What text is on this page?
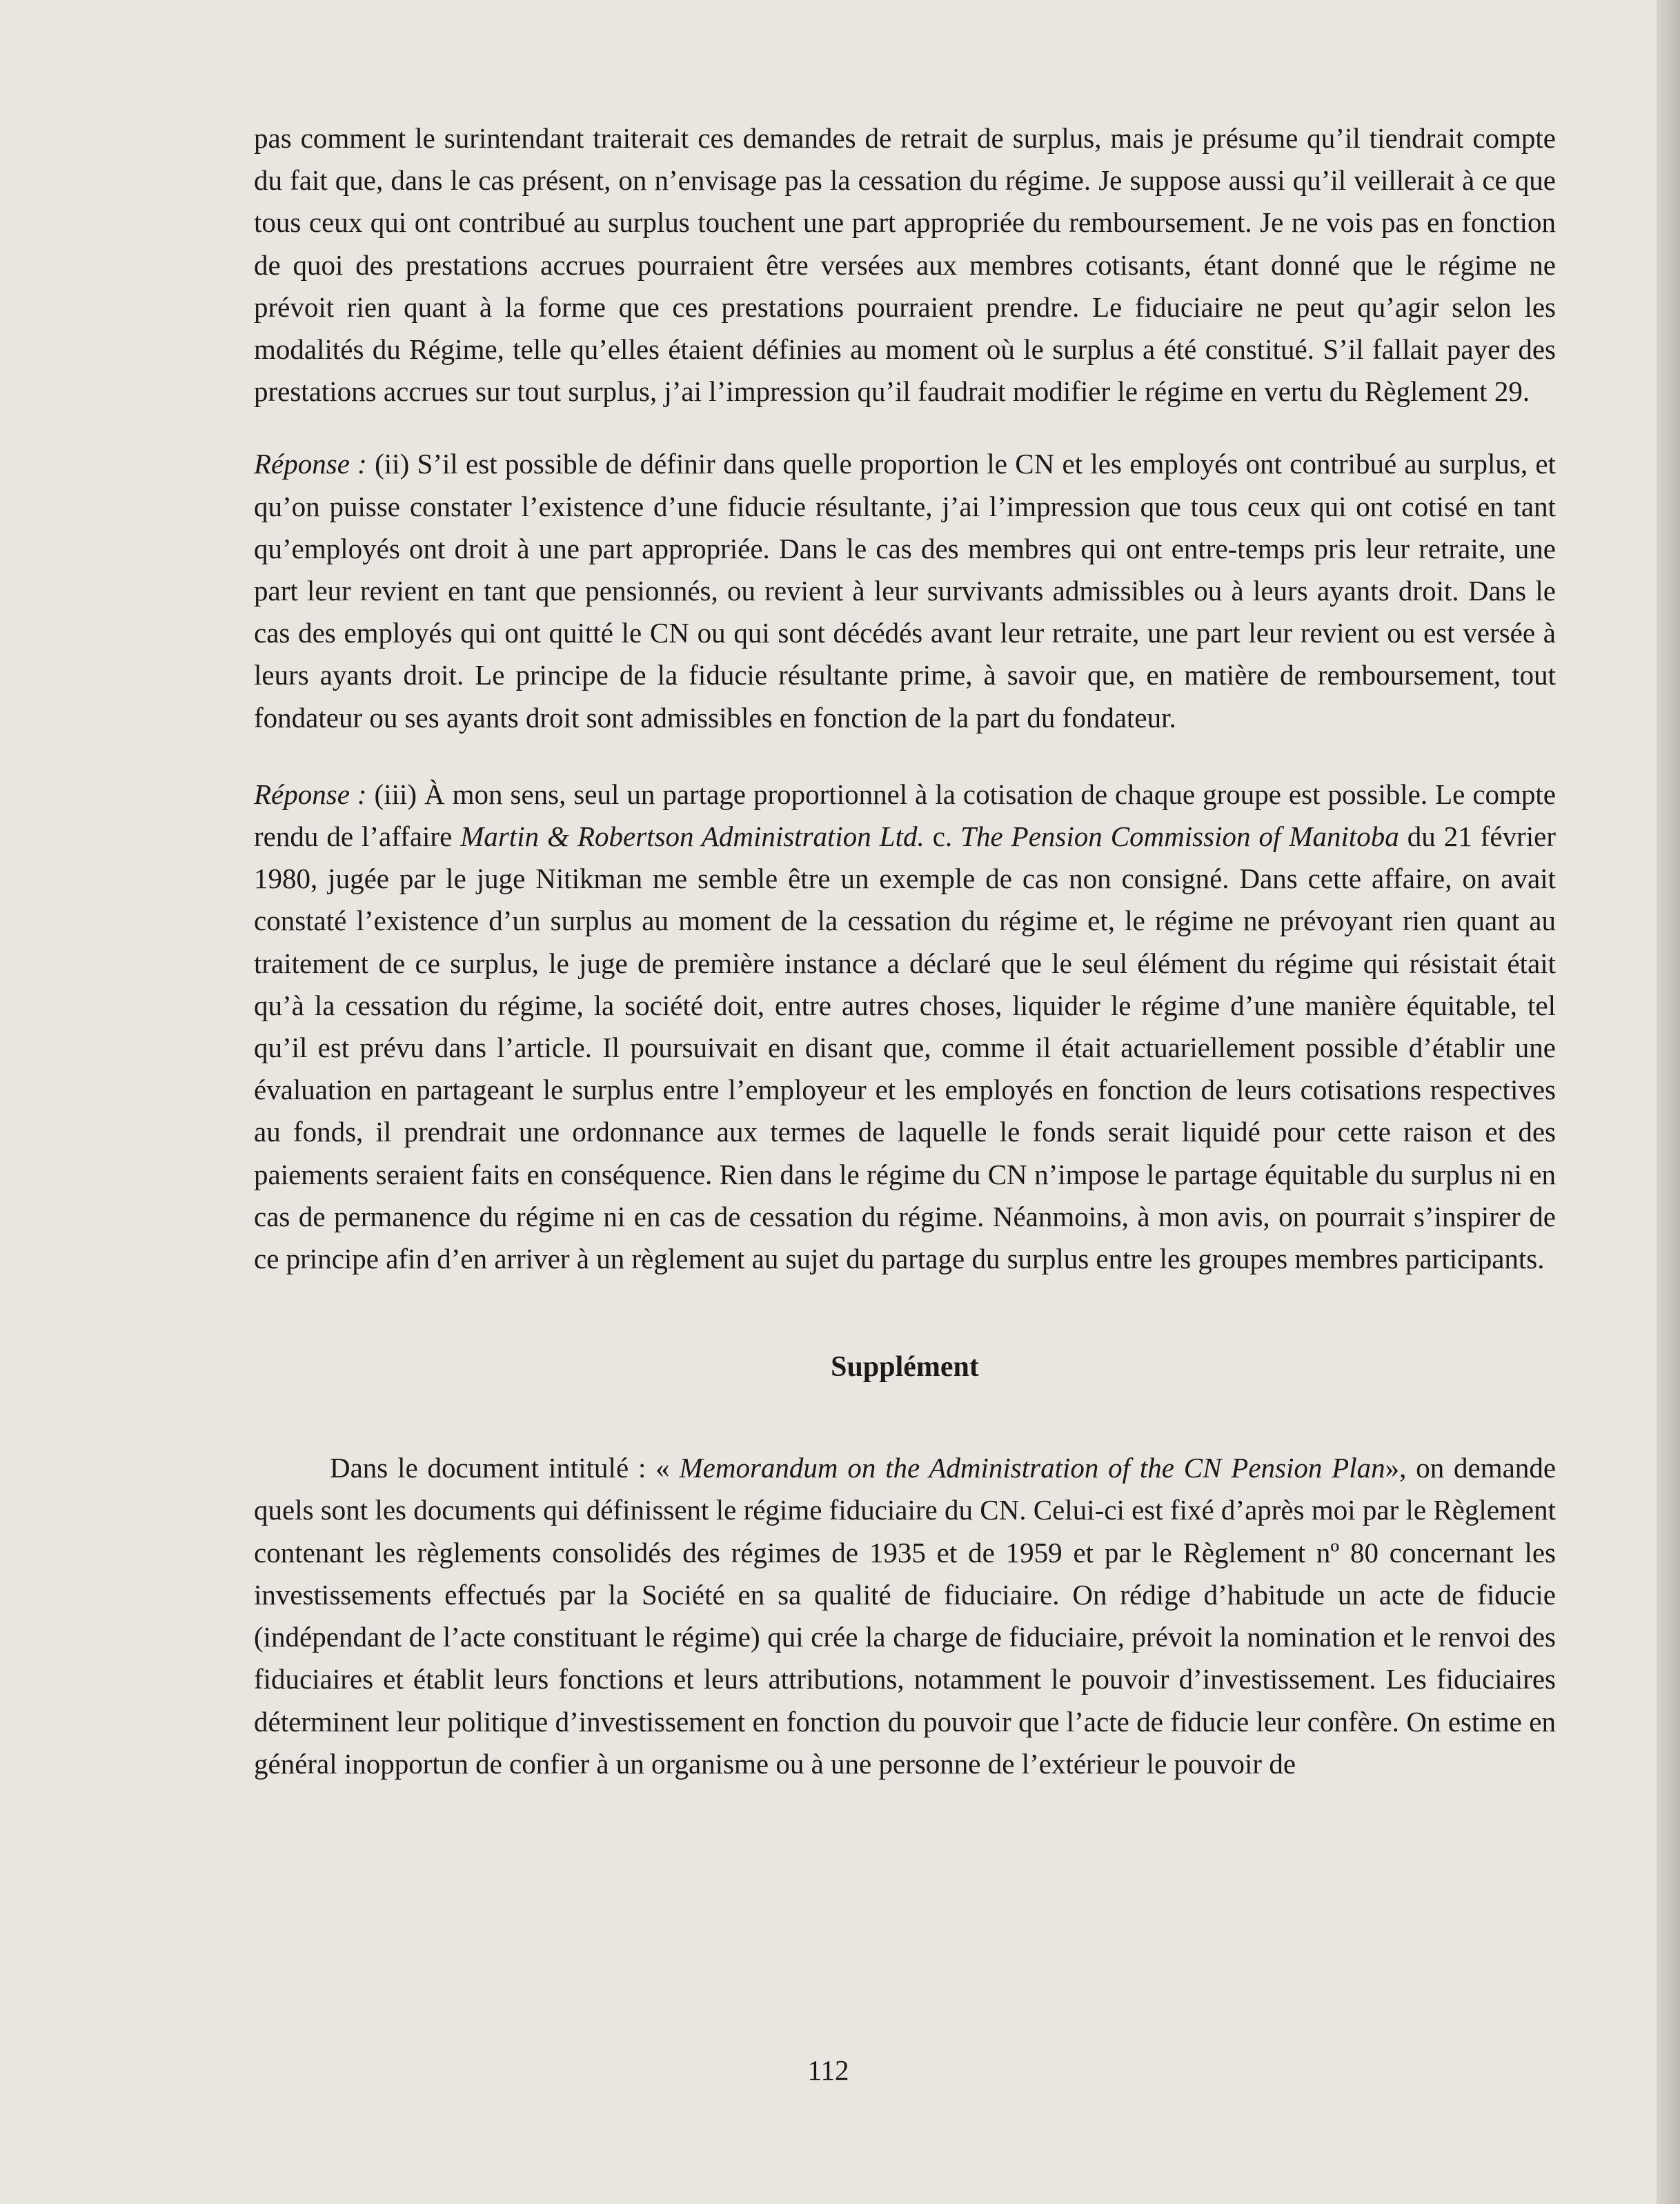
pas comment le surintendant traiterait ces demandes de retrait de surplus, mais je présume qu’il tiendrait compte du fait que, dans le cas présent, on n’envisage pas la cessation du régime. Je suppose aussi qu’il veillerait à ce que tous ceux qui ont contribué au surplus touchent une part appropriée du remboursement. Je ne vois pas en fonction de quoi des prestations accrues pourraient être versées aux membres cotisants, étant donné que le régime ne prévoit rien quant à la forme que ces prestations pourraient prendre. Le fiduciaire ne peut qu’agir selon les modalités du Régime, telle qu’elles étaient définies au moment où le surplus a été constitué. S’il fallait payer des prestations accrues sur tout surplus, j’ai l’impression qu’il faudrait modifier le régime en vertu du Règlement 29.

Réponse : (ii) S’il est possible de définir dans quelle proportion le CN et les employés ont contribué au surplus, et qu’on puisse constater l’existence d’une fiducie résultante, j’ai l’impression que tous ceux qui ont cotisé en tant qu’employés ont droit à une part appropriée. Dans le cas des membres qui ont entre-temps pris leur retraite, une part leur revient en tant que pensionnés, ou revient à leur survivants admissibles ou à leurs ayants droit. Dans le cas des employés qui ont quitté le CN ou qui sont décédés avant leur retraite, une part leur revient ou est versée à leurs ayants droit. Le principe de la fiducie résultante prime, à savoir que, en matière de remboursement, tout fondateur ou ses ayants droit sont admissibles en fonction de la part du fondateur.

Réponse : (iii) À mon sens, seul un partage proportionnel à la cotisation de chaque groupe est possible. Le compte rendu de l’affaire Martin & Robertson Administration Ltd. c. The Pension Commission of Manitoba du 21 février 1980, jugée par le juge Nitikman me semble être un exemple de cas non consigné. Dans cette affaire, on avait constaté l’existence d’un surplus au moment de la cessation du régime et, le régime ne prévoyant rien quant au traitement de ce surplus, le juge de première instance a déclaré que le seul élément du régime qui résistait était qu’à la cessation du régime, la société doit, entre autres choses, liquider le régime d’une manière équitable, tel qu’il est prévu dans l’article. Il poursuivait en disant que, comme il était actuariellement possible d’établir une évaluation en partageant le surplus entre l’employeur et les employés en fonction de leurs cotisations respectives au fonds, il prendrait une ordonnance aux termes de laquelle le fonds serait liquidé pour cette raison et des paiements seraient faits en conséquence. Rien dans le régime du CN n’impose le partage équitable du surplus ni en cas de permanence du régime ni en cas de cessation du régime. Néanmoins, à mon avis, on pourrait s’inspirer de ce principe afin d’en arriver à un règlement au sujet du partage du surplus entre les groupes membres participants.

Supplément

Dans le document intitulé : « Memorandum on the Administration of the CN Pension Plan», on demande quels sont les documents qui définissent le régime fiduciaire du CN. Celui-ci est fixé d’après moi par le Règlement contenant les règlements consolidés des régimes de 1935 et de 1959 et par le Règlement nº 80 concernant les investissements effectués par la Société en sa qualité de fiduciaire. On rédige d’habitude un acte de fiducie (indépendant de l’acte constituant le régime) qui crée la charge de fiduciaire, prévoit la nomination et le renvoi des fiduciaires et établit leurs fonctions et leurs attributions, notamment le pouvoir d’investissement. Les fiduciaires déterminent leur politique d’investissement en fonction du pouvoir que l’acte de fiducie leur confère. On estime en général inopportun de confier à un organisme ou à une personne de l’extérieur le pouvoir de

112
